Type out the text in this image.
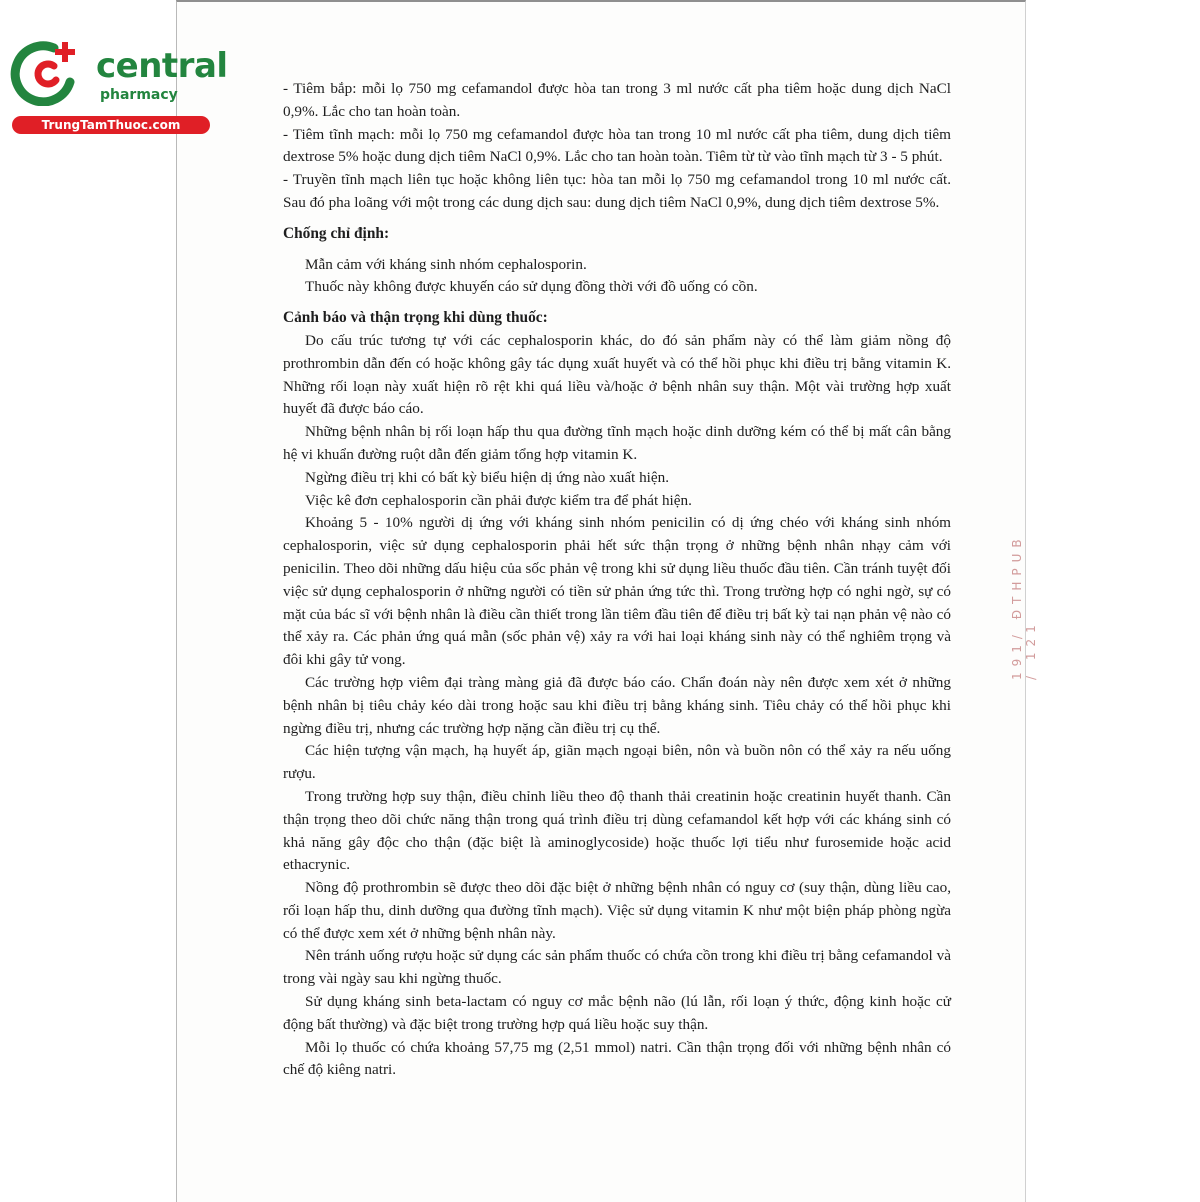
central
pharmacy
TrungTamThuoc.com

- Tiêm bắp: mỗi lọ 750 mg cefamandol được hòa tan trong 3 ml nước cất pha tiêm hoặc dung dịch NaCl 0,9%. Lắc cho tan hoàn toàn.

- Tiêm tĩnh mạch: mỗi lọ 750 mg cefamandol được hòa tan trong 10 ml nước cất pha tiêm, dung dịch tiêm dextrose 5% hoặc dung dịch tiêm NaCl 0,9%. Lắc cho tan hoàn toàn. Tiêm từ từ vào tĩnh mạch từ 3 - 5 phút.

- Truyền tĩnh mạch liên tục hoặc không liên tục: hòa tan mỗi lọ 750 mg cefamandol trong 10 ml nước cất. Sau đó pha loãng với một trong các dung dịch sau: dung dịch tiêm NaCl 0,9%, dung dịch tiêm dextrose 5%.

Chống chỉ định:

Mẫn cảm với kháng sinh nhóm cephalosporin.

Thuốc này không được khuyến cáo sử dụng đồng thời với đồ uống có cồn.

Cảnh báo và thận trọng khi dùng thuốc:

Do cấu trúc tương tự với các cephalosporin khác, do đó sản phẩm này có thể làm giảm nồng độ prothrombin dẫn đến có hoặc không gây tác dụng xuất huyết và có thể hồi phục khi điều trị bằng vitamin K. Những rối loạn này xuất hiện rõ rệt khi quá liều và/hoặc ở bệnh nhân suy thận. Một vài trường hợp xuất huyết đã được báo cáo.

Những bệnh nhân bị rối loạn hấp thu qua đường tĩnh mạch hoặc dinh dưỡng kém có thể bị mất cân bằng hệ vi khuẩn đường ruột dẫn đến giảm tổng hợp vitamin K.

Ngừng điều trị khi có bất kỳ biểu hiện dị ứng nào xuất hiện.

Việc kê đơn cephalosporin cần phải được kiểm tra để phát hiện.

Khoảng 5 - 10% người dị ứng với kháng sinh nhóm penicilin có dị ứng chéo với kháng sinh nhóm cephalosporin, việc sử dụng cephalosporin phải hết sức thận trọng ở những bệnh nhân nhạy cảm với penicilin. Theo dõi những dấu hiệu của sốc phản vệ trong khi sử dụng liều thuốc đầu tiên. Cần tránh tuyệt đối việc sử dụng cephalosporin ở những người có tiền sử phản ứng tức thì. Trong trường hợp có nghi ngờ, sự có mặt của bác sĩ với bệnh nhân là điều cần thiết trong lần tiêm đầu tiên để điều trị bất kỳ tai nạn phản vệ nào có thể xảy ra. Các phản ứng quá mẫn (sốc phản vệ) xảy ra với hai loại kháng sinh này có thể nghiêm trọng và đôi khi gây tử vong.

Các trường hợp viêm đại tràng màng giả đã được báo cáo. Chẩn đoán này nên được xem xét ở những bệnh nhân bị tiêu chảy kéo dài trong hoặc sau khi điều trị bằng kháng sinh. Tiêu chảy có thể hồi phục khi ngừng điều trị, nhưng các trường hợp nặng cần điều trị cụ thể.

Các hiện tượng vận mạch, hạ huyết áp, giãn mạch ngoại biên, nôn và buồn nôn có thể xảy ra nếu uống rượu.

Trong trường hợp suy thận, điều chỉnh liều theo độ thanh thải creatinin hoặc creatinin huyết thanh. Cần thận trọng theo dõi chức năng thận trong quá trình điều trị dùng cefamandol kết hợp với các kháng sinh có khả năng gây độc cho thận (đặc biệt là aminoglycoside) hoặc thuốc lợi tiểu như furosemide hoặc acid ethacrynic.

Nồng độ prothrombin sẽ được theo dõi đặc biệt ở những bệnh nhân có nguy cơ (suy thận, dùng liều cao, rối loạn hấp thu, dinh dưỡng qua đường tĩnh mạch). Việc sử dụng vitamin K như một biện pháp phòng ngừa có thể được xem xét ở những bệnh nhân này.

Nên tránh uống rượu hoặc sử dụng các sản phẩm thuốc có chứa cồn trong khi điều trị bằng cefamandol và trong vài ngày sau khi ngừng thuốc.

Sử dụng kháng sinh beta-lactam có nguy cơ mắc bệnh não (lú lẫn, rối loạn ý thức, động kinh hoặc cử động bất thường) và đặc biệt trong trường hợp quá liều hoặc suy thận.

Mỗi lọ thuốc có chứa khoảng 57,75 mg (2,51 mmol) natri. Cần thận trọng đối với những bệnh nhân có chế độ kiêng natri.

191/ ĐTHPUB / 121
